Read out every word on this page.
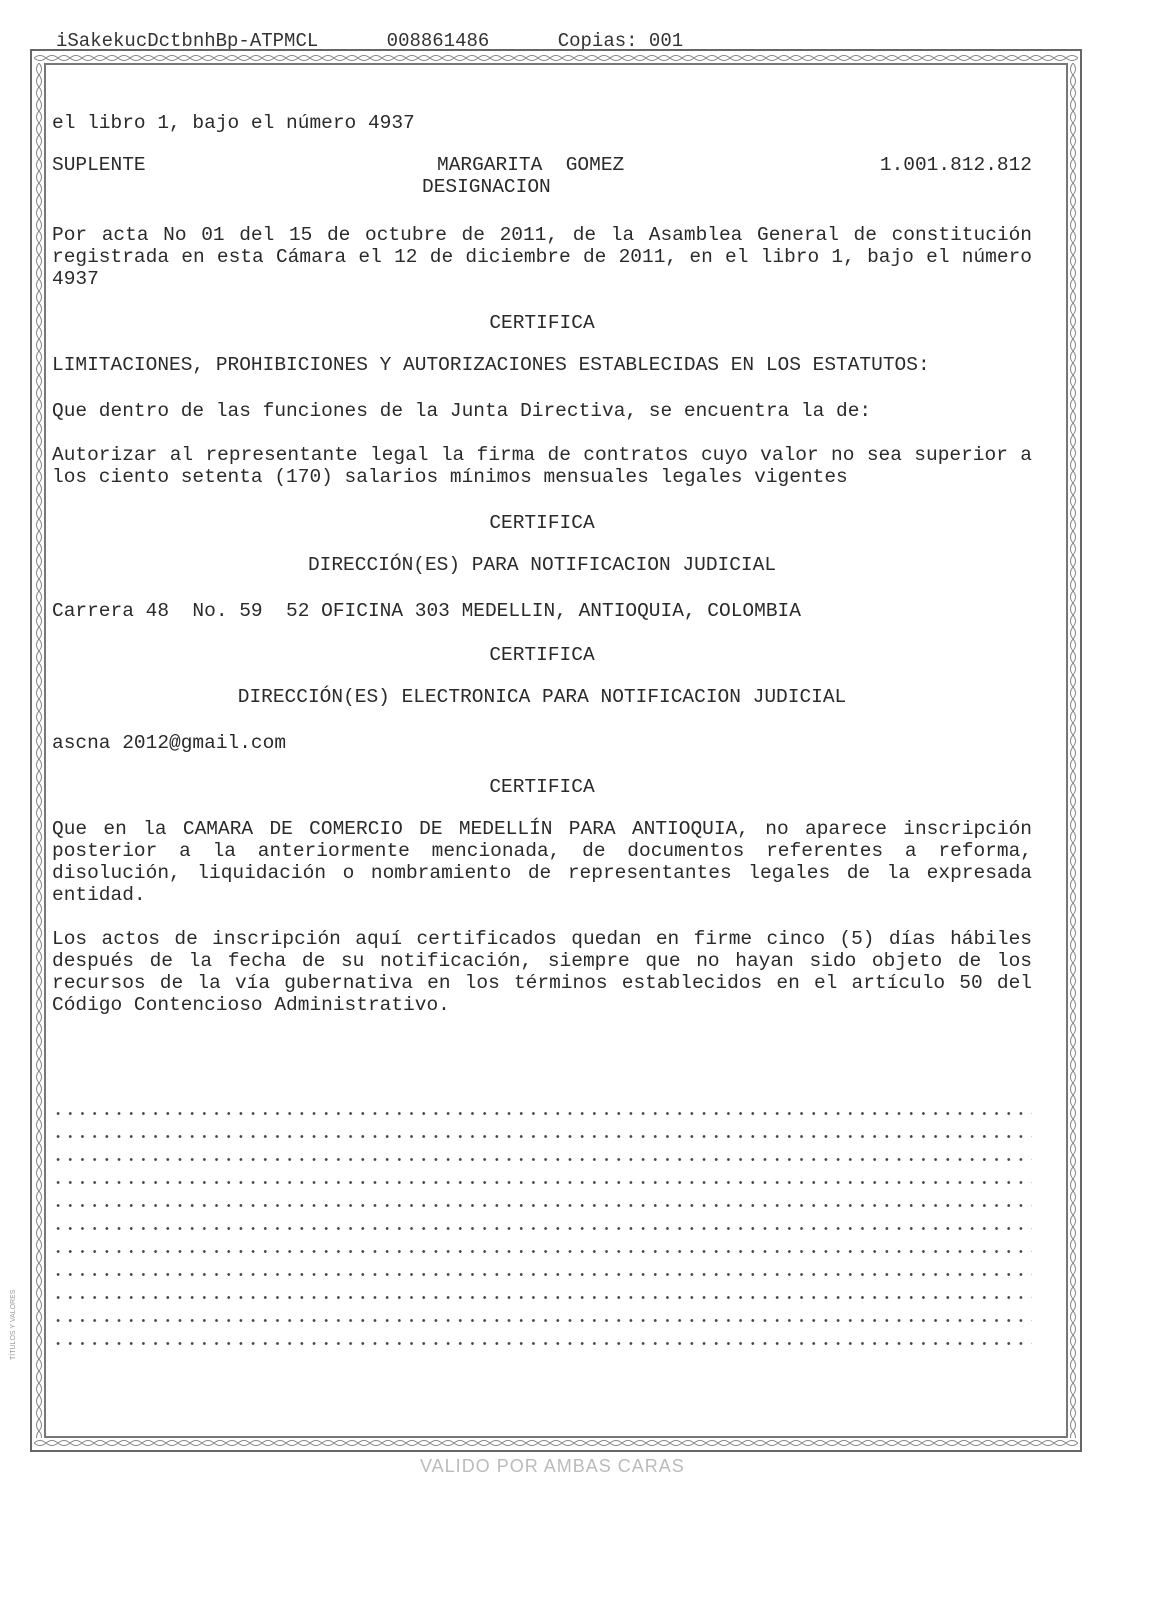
iSakekucDctbnhBp-ATPMCL	008861486	Copias: 001

el libro 1, bajo el número 4937

SUPLENTE	MARGARITA  GOMEZ	1.001.812.812

DESIGNACION

Por acta No 01 del 15 de octubre de 2011, de la Asamblea General de constitución registrada en esta Cámara el 12 de diciembre de 2011, en el libro 1, bajo el número 4937

CERTIFICA

LIMITACIONES, PROHIBICIONES Y AUTORIZACIONES ESTABLECIDAS EN LOS ESTATUTOS:

Que dentro de las funciones de la Junta Directiva, se encuentra la de:

Autorizar al representante legal la firma de contratos cuyo valor no sea superior a los ciento setenta (170) salarios mínimos mensuales legales vigentes

CERTIFICA

DIRECCIÓN(ES) PARA NOTIFICACION JUDICIAL

Carrera 48  No. 59  52 OFICINA 303 MEDELLIN, ANTIOQUIA, COLOMBIA

CERTIFICA

DIRECCIÓN(ES) ELECTRONICA PARA NOTIFICACION JUDICIAL

ascna 2012@gmail.com

CERTIFICA

Que en la CAMARA DE COMERCIO DE MEDELLÍN PARA ANTIOQUIA, no aparece inscripción posterior a la anteriormente mencionada, de documentos referentes a reforma, disolución, liquidación o nombramiento de representantes legales de la expresada entidad.

Los actos de inscripción aquí certificados quedan en firme cinco (5) días hábiles después de la fecha de su notificación, siempre que no hayan sido objeto de los recursos de la vía gubernativa en los términos establecidos en el artículo 50 del Código Contencioso Administrativo.

VALIDO POR AMBAS CARAS
TÍTULOS Y VALORES
